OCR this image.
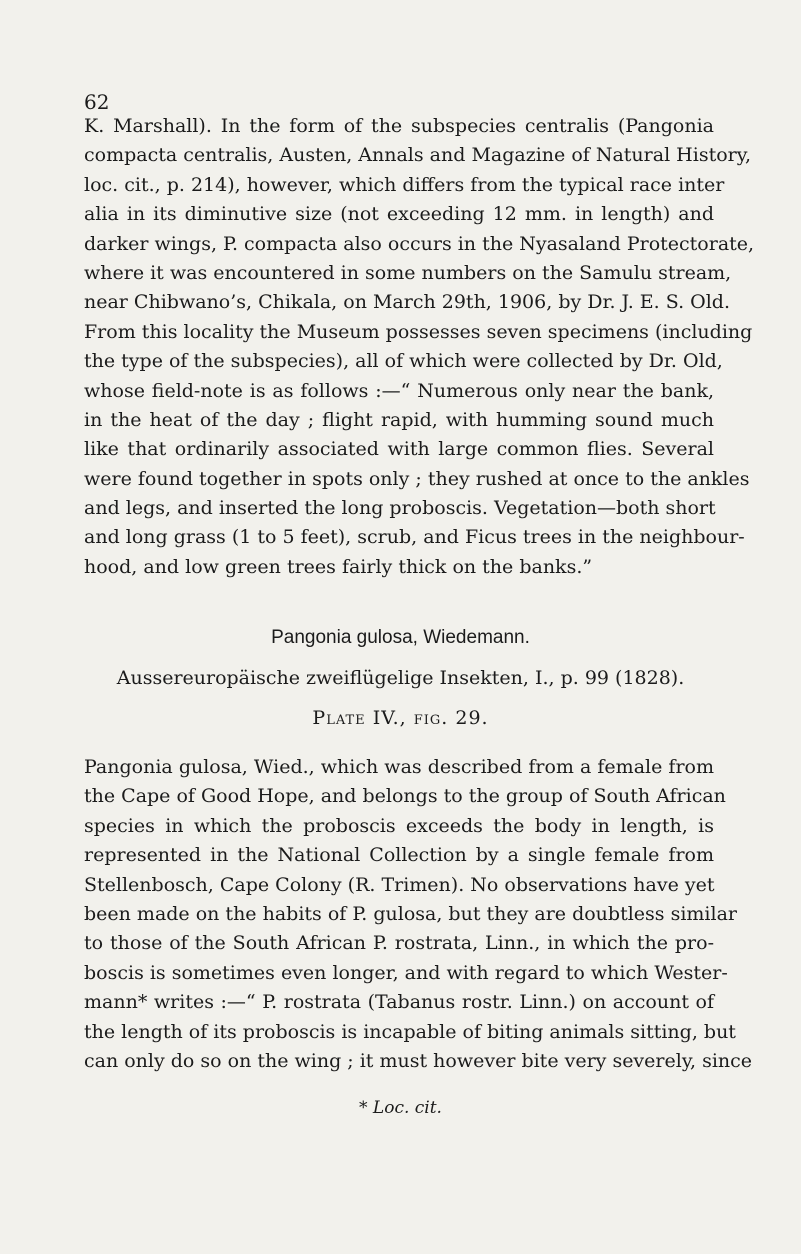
62
K. Marshall). In the form of the subspecies centralis (Pangonia
compacta centralis, Austen, Annals and Magazine of Natural History,
loc. cit., p. 214), however, which differs from the typical race inter
alia in its diminutive size (not exceeding 12 mm. in length) and
darker wings, P. compacta also occurs in the Nyasaland Protectorate,
where it was encountered in some numbers on the Samulu stream,
near Chibwano’s, Chikala, on March 29th, 1906, by Dr. J. E. S. Old.
From this locality the Museum possesses seven specimens (including
the type of the subspecies), all of which were collected by Dr. Old,
whose field-note is as follows :—“ Numerous only near the bank,
in the heat of the day ; flight rapid, with humming sound much
like that ordinarily associated with large common flies. Several
were found together in spots only ; they rushed at once to the ankles
and legs, and inserted the long proboscis. Vegetation—both short
and long grass (1 to 5 feet), scrub, and Ficus trees in the neighbour-
hood, and low green trees fairly thick on the banks.”
Pangonia gulosa, Wiedemann.
Aussereuropäische zweiflügelige Insekten, I., p. 99 (1828).
Plate IV., fig. 29.
Pangonia gulosa, Wied., which was described from a female from
the Cape of Good Hope, and belongs to the group of South African
species in which the proboscis exceeds the body in length, is
represented in the National Collection by a single female from
Stellenbosch, Cape Colony (R. Trimen). No observations have yet
been made on the habits of P. gulosa, but they are doubtless similar
to those of the South African P. rostrata, Linn., in which the pro-
boscis is sometimes even longer, and with regard to which Wester-
mann* writes :—“ P. rostrata (Tabanus rostr. Linn.) on account of
the length of its proboscis is incapable of biting animals sitting, but
can only do so on the wing ; it must however bite very severely, since
* Loc. cit.
